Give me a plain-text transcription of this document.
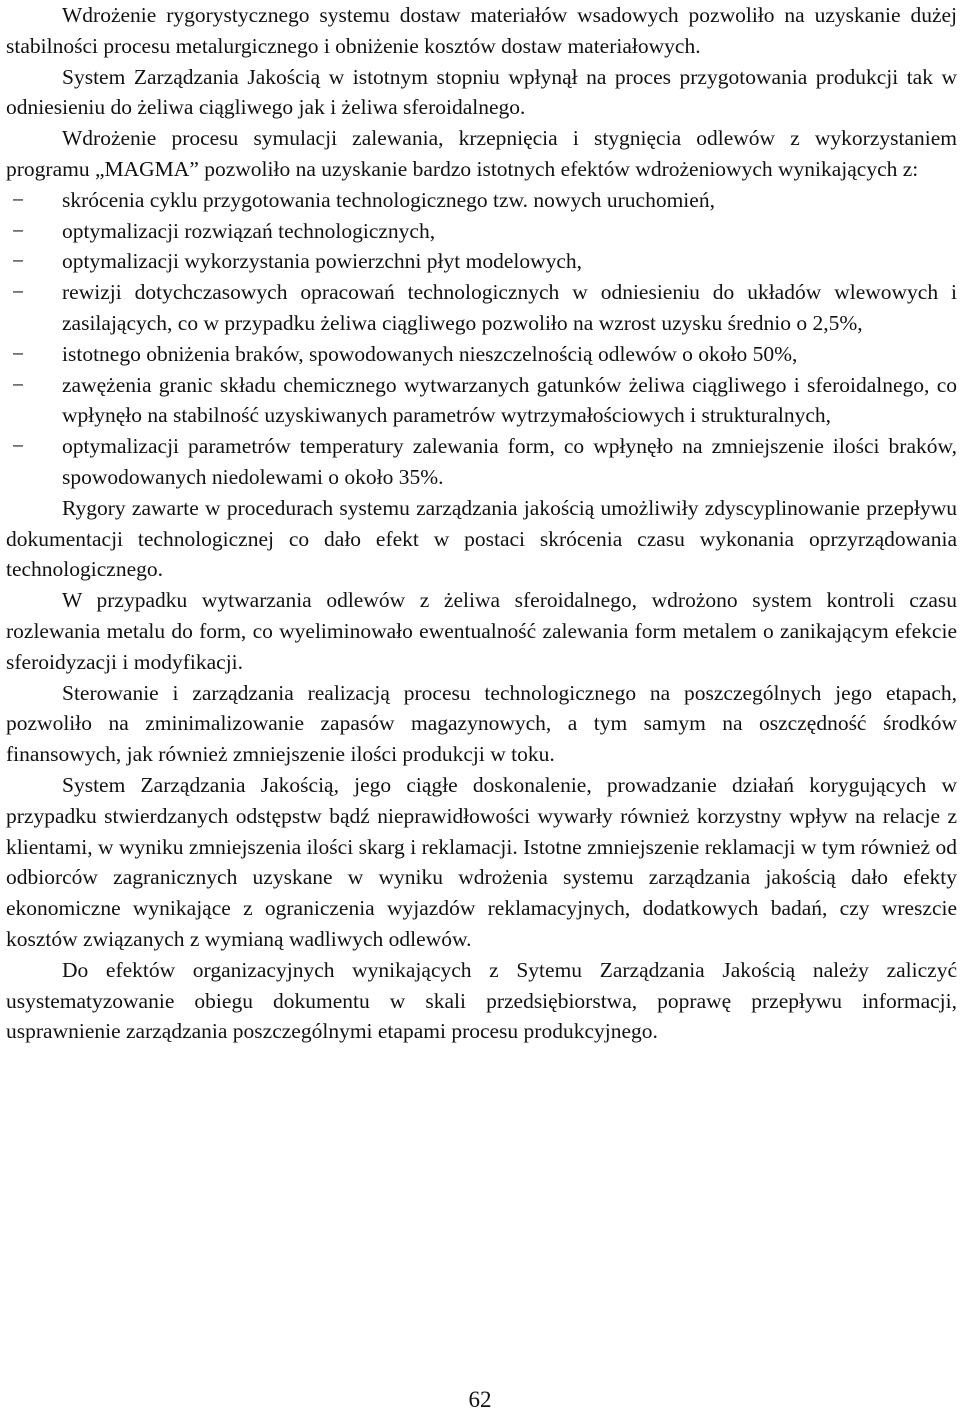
Wdrożenie rygorystycznego systemu dostaw materiałów wsadowych pozwoliło na uzyskanie dużej stabilności procesu metalurgicznego i obniżenie kosztów dostaw materiałowych.

System Zarządzania Jakością w istotnym stopniu wpłynął na proces przygotowania produkcji tak w odniesieniu do żeliwa ciągliwego jak i żeliwa sferoidalnego.

Wdrożenie procesu symulacji zalewania, krzepnięcia i stygnięcia odlewów z wykorzystaniem programu „MAGMA” pozwoliło na uzyskanie bardzo istotnych efektów wdrożeniowych wynikających z:

− skrócenia cyklu przygotowania technologicznego tzw. nowych uruchomień,
− optymalizacji rozwiązań technologicznych,
− optymalizacji wykorzystania powierzchni płyt modelowych,
− rewizji dotychczasowych opracowań technologicznych w odniesieniu do układów wlewowych i zasilających, co w przypadku żeliwa ciągliwego pozwoliło na wzrost uzysku średnio o 2,5%,
− istotnego obniżenia braków, spowodowanych nieszczelnością odlewów o około 50%,
− zawężenia granic składu chemicznego wytwarzanych gatunków żeliwa ciągliwego i sferoidalnego, co wpłynęło na stabilność uzyskiwanych parametrów wytrzymałościowych i strukturalnych,
− optymalizacji parametrów temperatury zalewania form, co wpłynęło na zmniejszenie ilości braków, spowodowanych niedolewami o około 35%.

Rygory zawarte w procedurach systemu zarządzania jakością umożliwiły zdyscyplinowanie przepływu dokumentacji technologicznej co dało efekt w postaci skrócenia czasu wykonania oprzyrządowania technologicznego.

W przypadku wytwarzania odlewów z żeliwa sferoidalnego, wdrożono system kontroli czasu rozlewania metalu do form, co wyeliminowało ewentualność zalewania form metalem o zanikającym efekcie sferoidyzacji i modyfikacji.

Sterowanie i zarządzania realizacją procesu technologicznego na poszczególnych jego etapach, pozwoliło na zminimalizowanie zapasów magazynowych, a tym samym na oszczędność środków finansowych, jak również zmniejszenie ilości produkcji w toku.

System Zarządzania Jakością, jego ciągłe doskonalenie, prowadzanie działań korygujących w przypadku stwierdzanych odstępstw bądź nieprawidłowości wywarły również korzystny wpływ na relacje z klientami, w wyniku zmniejszenia ilości skarg i reklamacji. Istotne zmniejszenie reklamacji w tym również od odbiorców zagranicznych uzyskane w wyniku wdrożenia systemu zarządzania jakością dało efekty ekonomiczne wynikające z ograniczenia wyjazdów reklamacyjnych, dodatkowych badań, czy wreszcie kosztów związanych z wymianą wadliwych odlewów.

Do efektów organizacyjnych wynikających z Sytemu Zarządzania Jakością należy zaliczyć usystematyzowanie obiegu dokumentu w skali przedsiębiorstwa, poprawę przepływu informacji, usprawnienie zarządzania poszczególnymi etapami procesu produkcyjnego.

62
